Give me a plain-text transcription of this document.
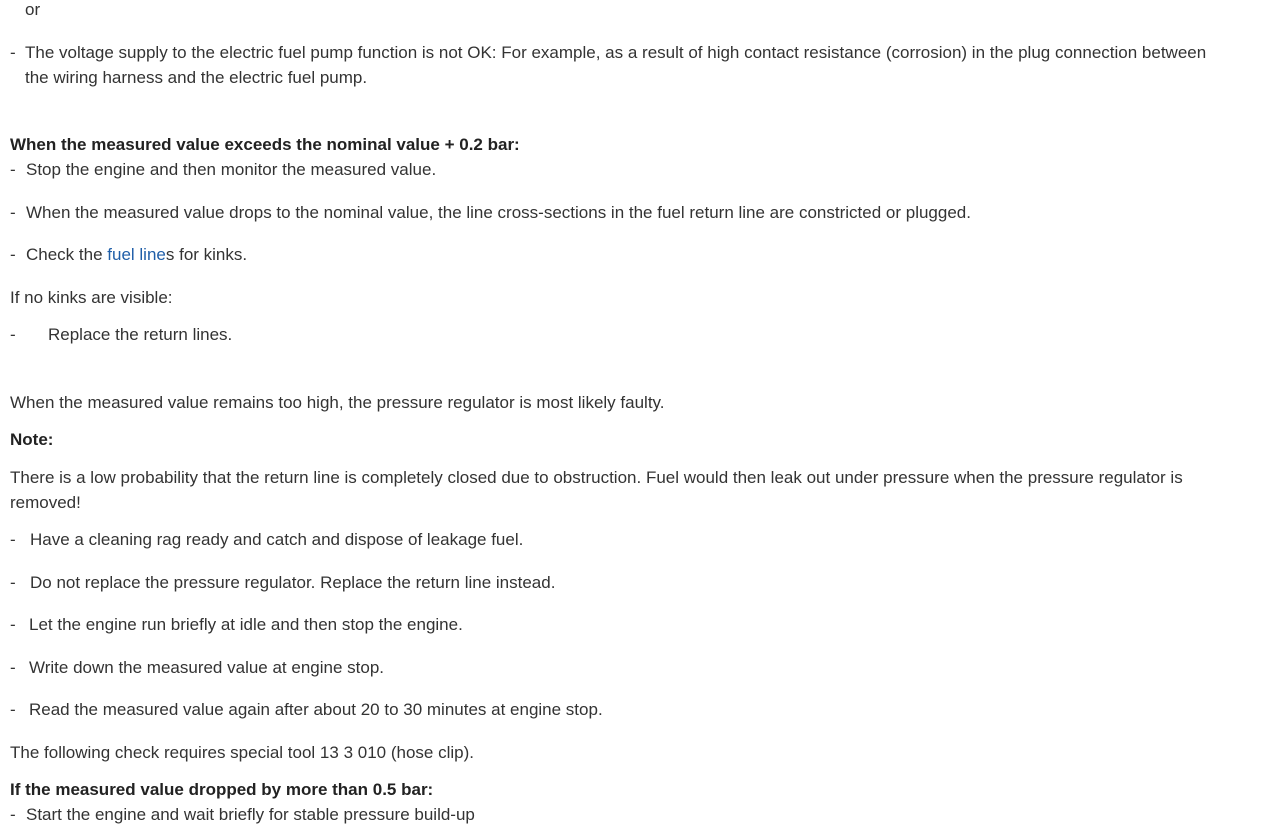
or
- The voltage supply to the electric fuel pump function is not OK: For example, as a result of high contact resistance (corrosion) in the plug connection between the wiring harness and the electric fuel pump.
When the measured value exceeds the nominal value + 0.2 bar:
- Stop the engine and then monitor the measured value.
- When the measured value drops to the nominal value, the line cross-sections in the fuel return line are constricted or plugged.
- Check the fuel lines for kinks.
If no kinks are visible:
- Replace the return lines.
When the measured value remains too high, the pressure regulator is most likely faulty.
Note:
There is a low probability that the return line is completely closed due to obstruction. Fuel would then leak out under pressure when the pressure regulator is removed!
- Have a cleaning rag ready and catch and dispose of leakage fuel.
- Do not replace the pressure regulator. Replace the return line instead.
- Let the engine run briefly at idle and then stop the engine.
- Write down the measured value at engine stop.
- Read the measured value again after about 20 to 30 minutes at engine stop.
The following check requires special tool 13 3 010 (hose clip).
If the measured value dropped by more than 0.5 bar:
- Start the engine and wait briefly for stable pressure build-up
